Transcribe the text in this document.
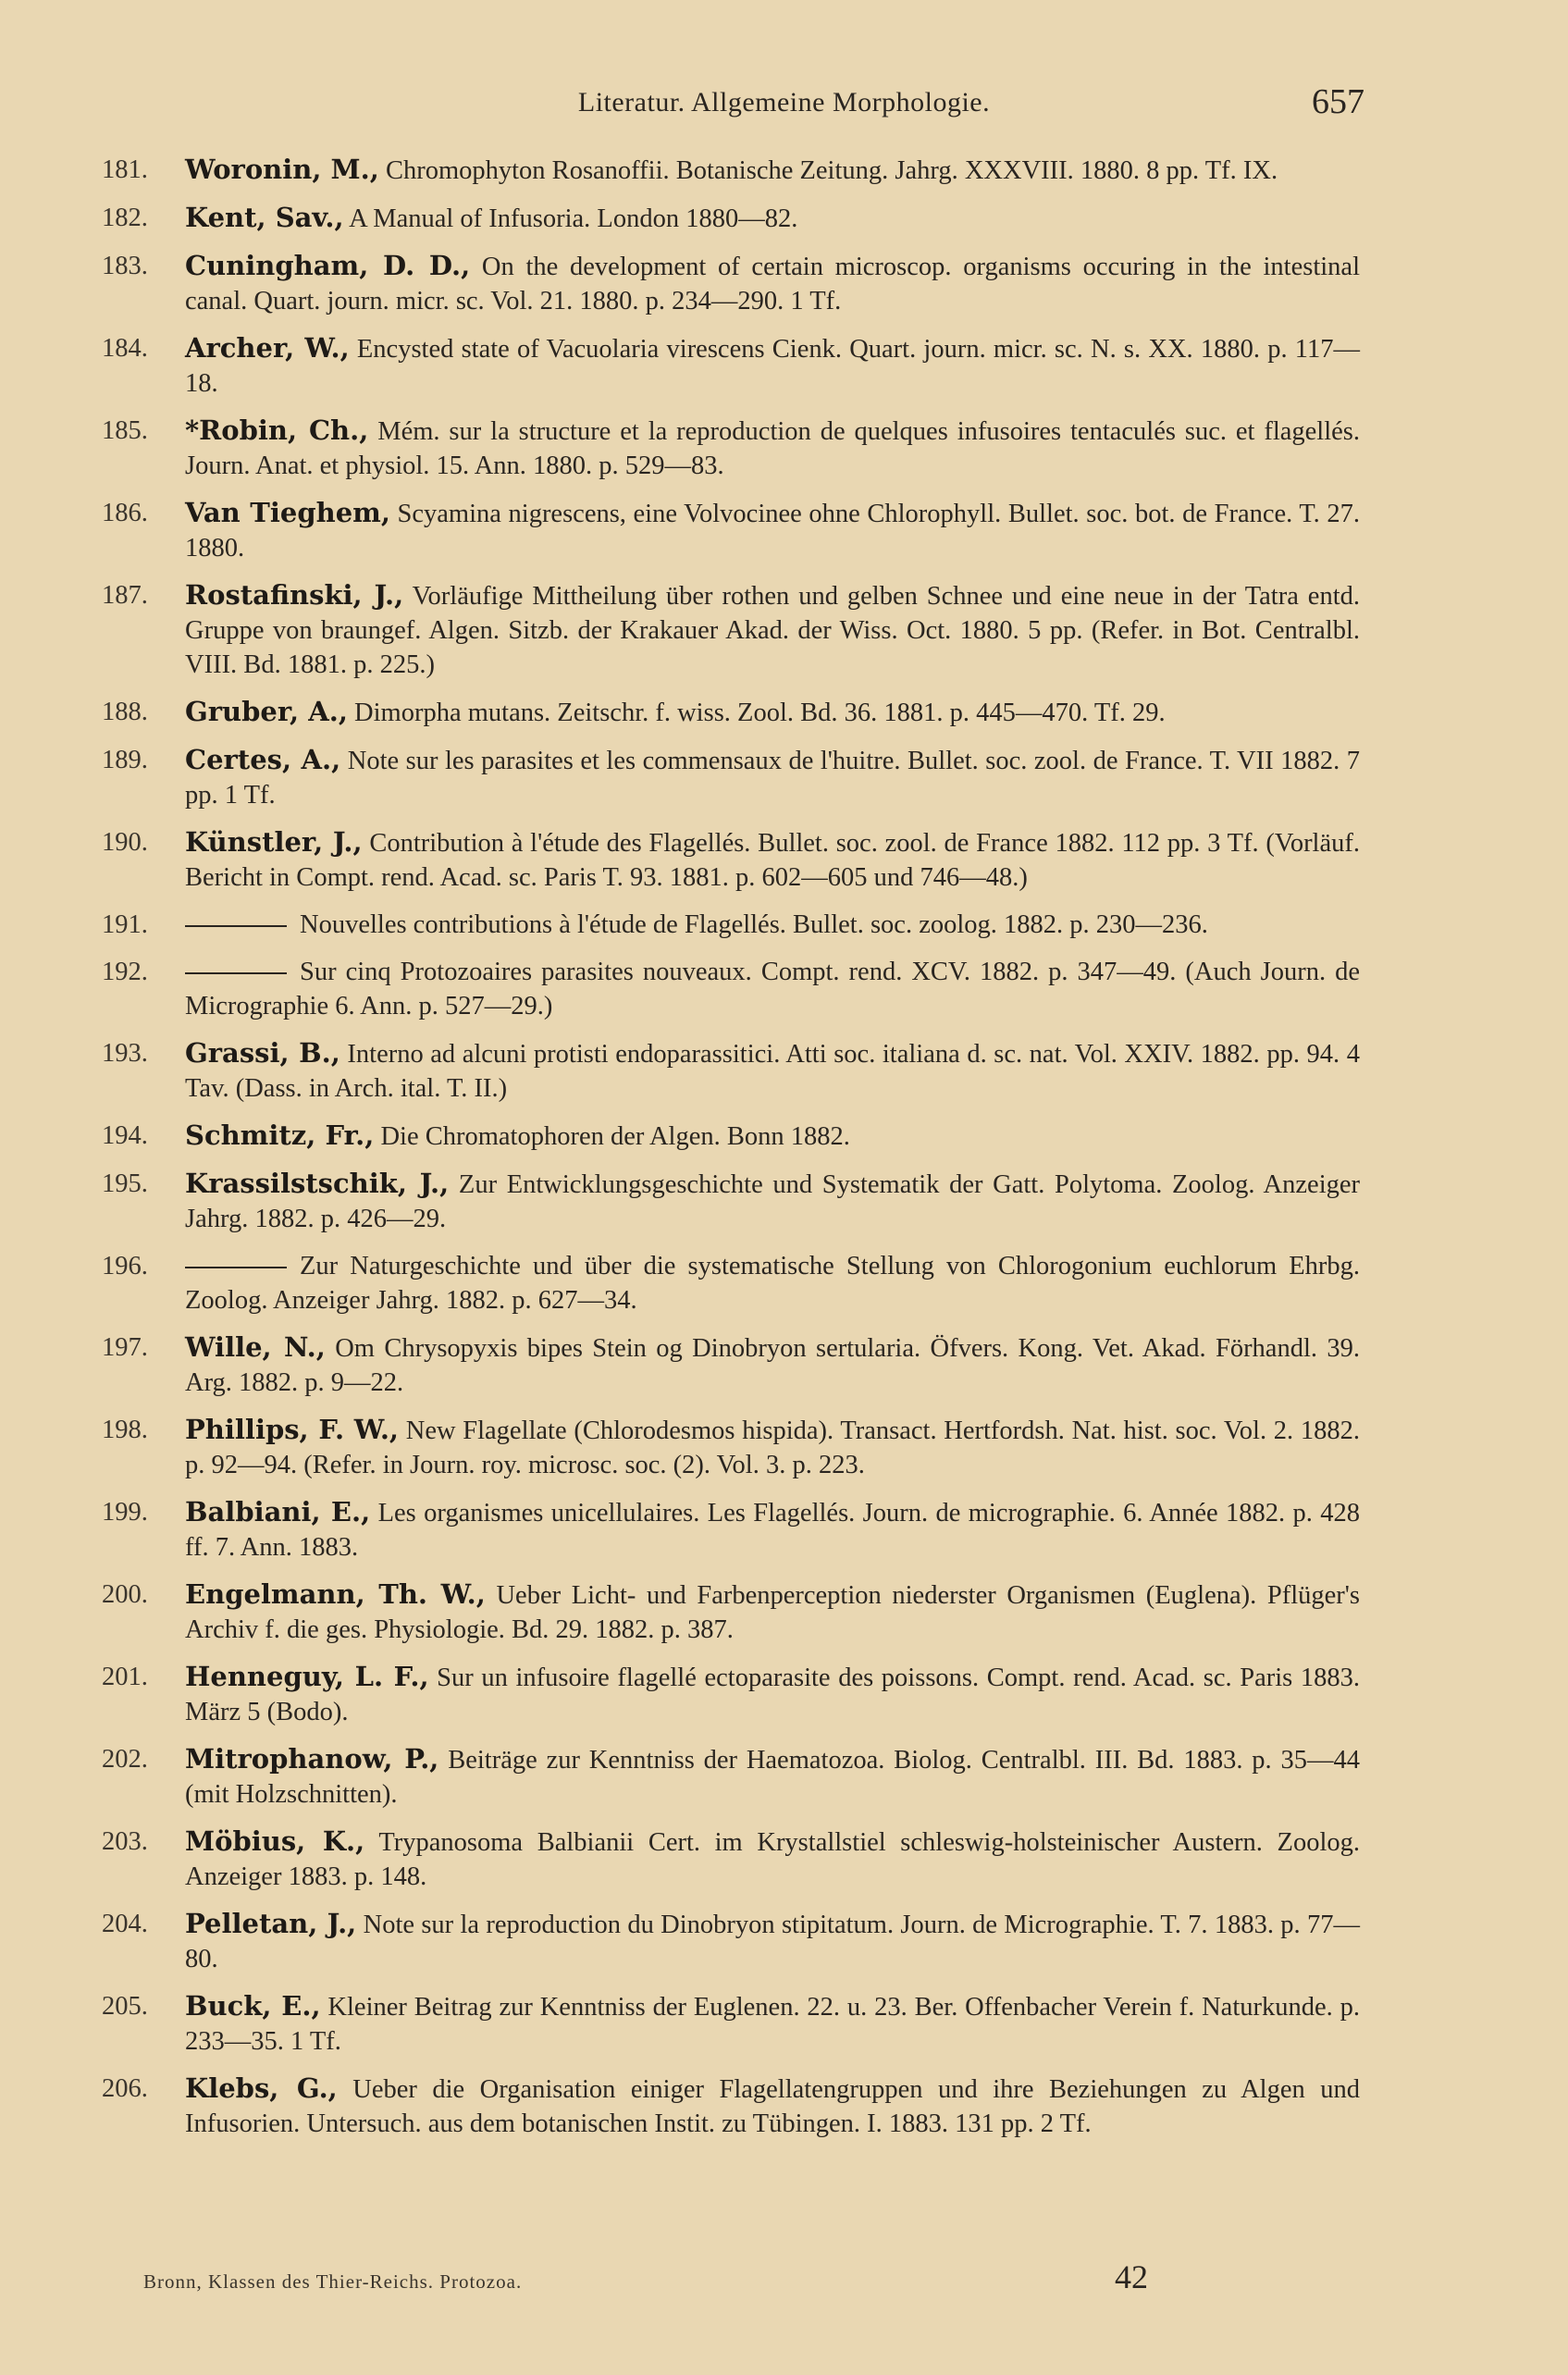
Literatur. Allgemeine Morphologie.	657
181.	Woronin, M., Chromophyton Rosanoffii. Botanische Zeitung. Jahrg. XXXVIII. 1880. 8 pp. Tf. IX.
182.	Kent, Sav., A Manual of Infusoria. London 1880—82.
183.	Cuningham, D. D., On the development of certain microscop. organisms occuring in the intestinal canal. Quart. journ. micr. sc. Vol. 21. 1880. p. 234—290. 1 Tf.
184.	Archer, W., Encysted state of Vacuolaria virescens Cienk. Quart. journ. micr. sc. N. s. XX. 1880. p. 117—18.
185.	*Robin, Ch., Mém. sur la structure et la reproduction de quelques infusoires tentaculés suc. et flagellés. Journ. Anat. et physiol. 15. Ann. 1880. p. 529—83.
186.	Van Tieghem, Scyamina nigrescens, eine Volvocinee ohne Chlorophyll. Bullet. soc. bot. de France. T. 27. 1880.
187.	Rostafinski, J., Vorläufige Mittheilung über rothen und gelben Schnee und eine neue in der Tatra entd. Gruppe von braungef. Algen. Sitzb. der Krakauer Akad. der Wiss. Oct. 1880. 5 pp. (Refer. in Bot. Centralbl. VIII. Bd. 1881. p. 225.)
188.	Gruber, A., Dimorpha mutans. Zeitschr. f. wiss. Zool. Bd. 36. 1881. p. 445—470. Tf. 29.
189.	Certes, A., Note sur les parasites et les commensaux de l'huitre. Bullet. soc. zool. de France. T. VII 1882. 7 pp. 1 Tf.
190.	Künstler, J., Contribution à l'étude des Flagellés. Bullet. soc. zool. de France 1882. 112 pp. 3 Tf. (Vorläuf. Bericht in Compt. rend. Acad. sc. Paris T. 93. 1881. p. 602—605 und 746—48.)
191.	Nouvelles contributions à l'étude de Flagellés. Bullet. soc. zoolog. 1882. p. 230—236.
192.	Sur cinq Protozoaires parasites nouveaux. Compt. rend. XCV. 1882. p. 347—49. (Auch Journ. de Micrographie 6. Ann. p. 527—29.)
193.	Grassi, B., Interno ad alcuni protisti endoparassitici. Atti soc. italiana d. sc. nat. Vol. XXIV. 1882. pp. 94. 4 Tav. (Dass. in Arch. ital. T. II.)
194.	Schmitz, Fr., Die Chromatophoren der Algen. Bonn 1882.
195.	Krassilstschik, J., Zur Entwicklungsgeschichte und Systematik der Gatt. Polytoma. Zoolog. Anzeiger Jahrg. 1882. p. 426—29.
196.	Zur Naturgeschichte und über die systematische Stellung von Chlorogonium euchlorum Ehrbg. Zoolog. Anzeiger Jahrg. 1882. p. 627—34.
197.	Wille, N., Om Chrysopyxis bipes Stein og Dinobryon sertularia. Öfvers. Kong. Vet. Akad. Förhandl. 39. Arg. 1882. p. 9—22.
198.	Phillips, F. W., New Flagellate (Chlorodesmos hispida). Transact. Hertfordsh. Nat. hist. soc. Vol. 2. 1882. p. 92—94. (Refer. in Journ. roy. microsc. soc. (2). Vol. 3. p. 223.
199.	Balbiani, E., Les organismes unicellulaires. Les Flagellés. Journ. de micrographie. 6. Année 1882. p. 428 ff. 7. Ann. 1883.
200.	Engelmann, Th. W., Ueber Licht- und Farbenperception niederster Organismen (Euglena). Pflüger's Archiv f. die ges. Physiologie. Bd. 29. 1882. p. 387.
201.	Henneguy, L. F., Sur un infusoire flagellé ectoparasite des poissons. Compt. rend. Acad. sc. Paris 1883. März 5 (Bodo).
202.	Mitrophanow, P., Beiträge zur Kenntniss der Haematozoa. Biolog. Centralbl. III. Bd. 1883. p. 35—44 (mit Holzschnitten).
203.	Möbius, K., Trypanosoma Balbianii Cert. im Krystallstiel schleswig-holsteinischer Austern. Zoolog. Anzeiger 1883. p. 148.
204.	Pelletan, J., Note sur la reproduction du Dinobryon stipitatum. Journ. de Micrographie. T. 7. 1883. p. 77—80.
205.	Buck, E., Kleiner Beitrag zur Kenntniss der Euglenen. 22. u. 23. Ber. Offenbacher Verein f. Naturkunde. p. 233—35. 1 Tf.
206.	Klebs, G., Ueber die Organisation einiger Flagellatengruppen und ihre Beziehungen zu Algen und Infusorien. Untersuch. aus dem botanischen Instit. zu Tübingen. I. 1883. 131 pp. 2 Tf.
Bronn, Klassen des Thier-Reichs. Protozoa.	42
